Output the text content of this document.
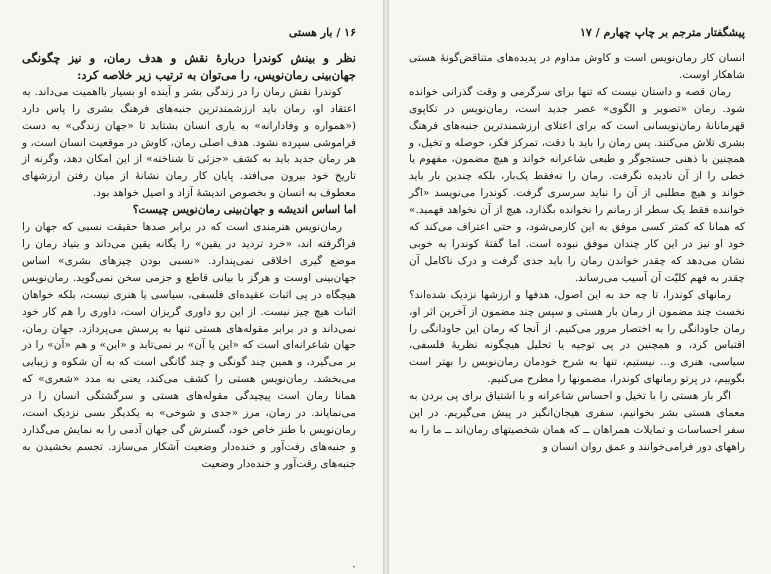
۱۶ / بار هستی

نظر و بینش کوندرا دربارهٔ نقش و هدف رمان، و نیز چگونگی جهان‌بینی رمان‌نویس، را می‌توان به ترتیب زیر خلاصه کرد:

کوندرا نقش رمان را در زندگی بشر و آینده او بسیار بااهمیت می‌داند. به اعتقاد او، رمان باید ارزشمندترین جنبه‌های فرهنگ بشری را پاس دارد («همواره و وفادارانه» به یاری انسان بشتابد تا «جهان زندگی» به دست فراموشی سپرده نشود. هدف اصلی رمان، کاوش در موقعیت انسان است، و هر رمان جدید باید به کشف «جزئی تا شناخته» از این امکان دهد، وگرنه از تاریخ خود بیرون می‌افتد. پایان کار رمان نشانهٔ از میان رفتن ارزشهای معطوف به انسان و بخصوص اندیشهٔ آزاد و اصیل خواهد بود.

اما اساس اندیشه و جهان‌بینی رمان‌نویس چیست؟

رمان‌نویس هنرمندی است که در برابر صدها حقیقت نسبی که جهان را فراگرفته اند، «خرد تردید در یقین» را یگانه یقین می‌داند و بنیاد رمان را موضع گیری اخلاقی نمی‌پندارد. «نسبی بودن چیزهای بشری» اساس جهان‌بینی اوست و هرگز با بیانی قاطع و جزمی سخن نمی‌گوید. رمان‌نویس هیچگاه در پی اثبات عقیده‌ای فلسفی، سیاسی یا هنری نیست، بلکه خواهان اثبات هیچ چیز نیست. از این رو داوری گریزان است، داوری را هم کار خود نمی‌داند و در برابر مقوله‌های هستی تنها به پرسش می‌پردازد. جهان رمان، جهان شاعرانه‌ای است که «این یا آن» بر نمی‌تابد و «این» و هم «آن» را در بر می‌گیرد، و همین چند گونگی و چند گانگی است که به آن شکوه و زیبایی می‌بخشد. رمان‌نویس هستی را کشف می‌کند، یعنی به مدد «شعری» که همانا رمان است پیچیدگی مقوله‌های هستی و سرگشتگی انسان را در می‌نمایاند. در رمان، مرز «جدی و شوخی» به یکدیگر بسی نزدیک است، رمان‌نویس با طنز خاص خود، گسترش گی‌ جهان آدمی را به نمایش می‌گذارد و جنبه‌های رفت‌آور و خنده‌دار وضعیت آشکار می‌سازد. تجسم بخشیدن به جنبه‌های رقت‌آور و خنده‌دار وضعیت

پیشگفتار مترجم بر چاپ چهارم / ۱۷

انسان کار رمان‌نویس است و کاوش مداوم در پدیده‌های متناقض‌گونهٔ هستی شاهکار اوست.

رمان قصه و داستان نیست که تنها برای سرگرمی و وقت گذرانی خوانده شود. رمان «تصویر و الگوی» عصر جدید است، رمان‌نویس در تکاپوی قهرمانانهٔ رمان‌نویسانی است که برای اعتلای ارزشمندترین جنبه‌های فرهنگ بشری تلاش می‌کنند. پس رمان را باید با دقت، تمرکز فکر، حوصله و تخیل، و همچنین با ذهنی جستجوگر و طبعی شاعرانه خواند و هیچ مضمون، مفهوم یا خطی را از آن نادیده نگرفت. رمان را نه‌فقط یک‌بار، بلکه چندین بار باید خواند و هیچ مطلبی از آن را نباید سرسری گرفت. کوندرا می‌نویسد «اگر خواننده فقط یک سطر از رمانم را نخوانده بگذارد، هیچ از آن نخواهد فهمید.» که همانا که کمتر کسی موفق به این کارمی‌شود، و حتی اعتراف می‌کند که خود او نیز در این کار چندان موفق نبوده است. اما گفتهٔ کوندرا به خوبی نشان می‌دهد که چقدر خواندن رمان را باید جدی گرفت و درک ناکامل آن چقدر به فهم کلیّت آن آسیب می‌رساند.

رمانهای کوندرا، تا چه حد به این اصول، هدفها و ارزشها نزدیک شده‌اند؟ نخست چند مضمون از رمان بار هستی و سپس چند مضمون از آخرین اثر او، رمان جاودانگی را به اختصار مرور می‌کنیم. از آنجا که رمان این جاودانگی را اقتباس کرد، و همچنین در پی توجیه یا تحلیل هیچگونه نظریهٔ فلسفی، سیاسی، هنری و... نیستیم، تنها به شرح خودمان رمان‌نویس را بهتر است بگوییم، در پرتو رمانهای کوندرا، مضمونها را مطرح می‌کنیم.

اگر بار هستی را با تخیل و احساس شاعرانه و با اشتیاق برای پی بردن به معمای هستی بشر بخوانیم، سفری هیجان‌انگیز در پیش می‌گیریم. در این سفر احساسات و تمایلات همراهان ــ که همان شخصیتهای رمان‌اند ــ ما را به راههای دور فرامی‌خوانند و عمق روان انسان و

·
